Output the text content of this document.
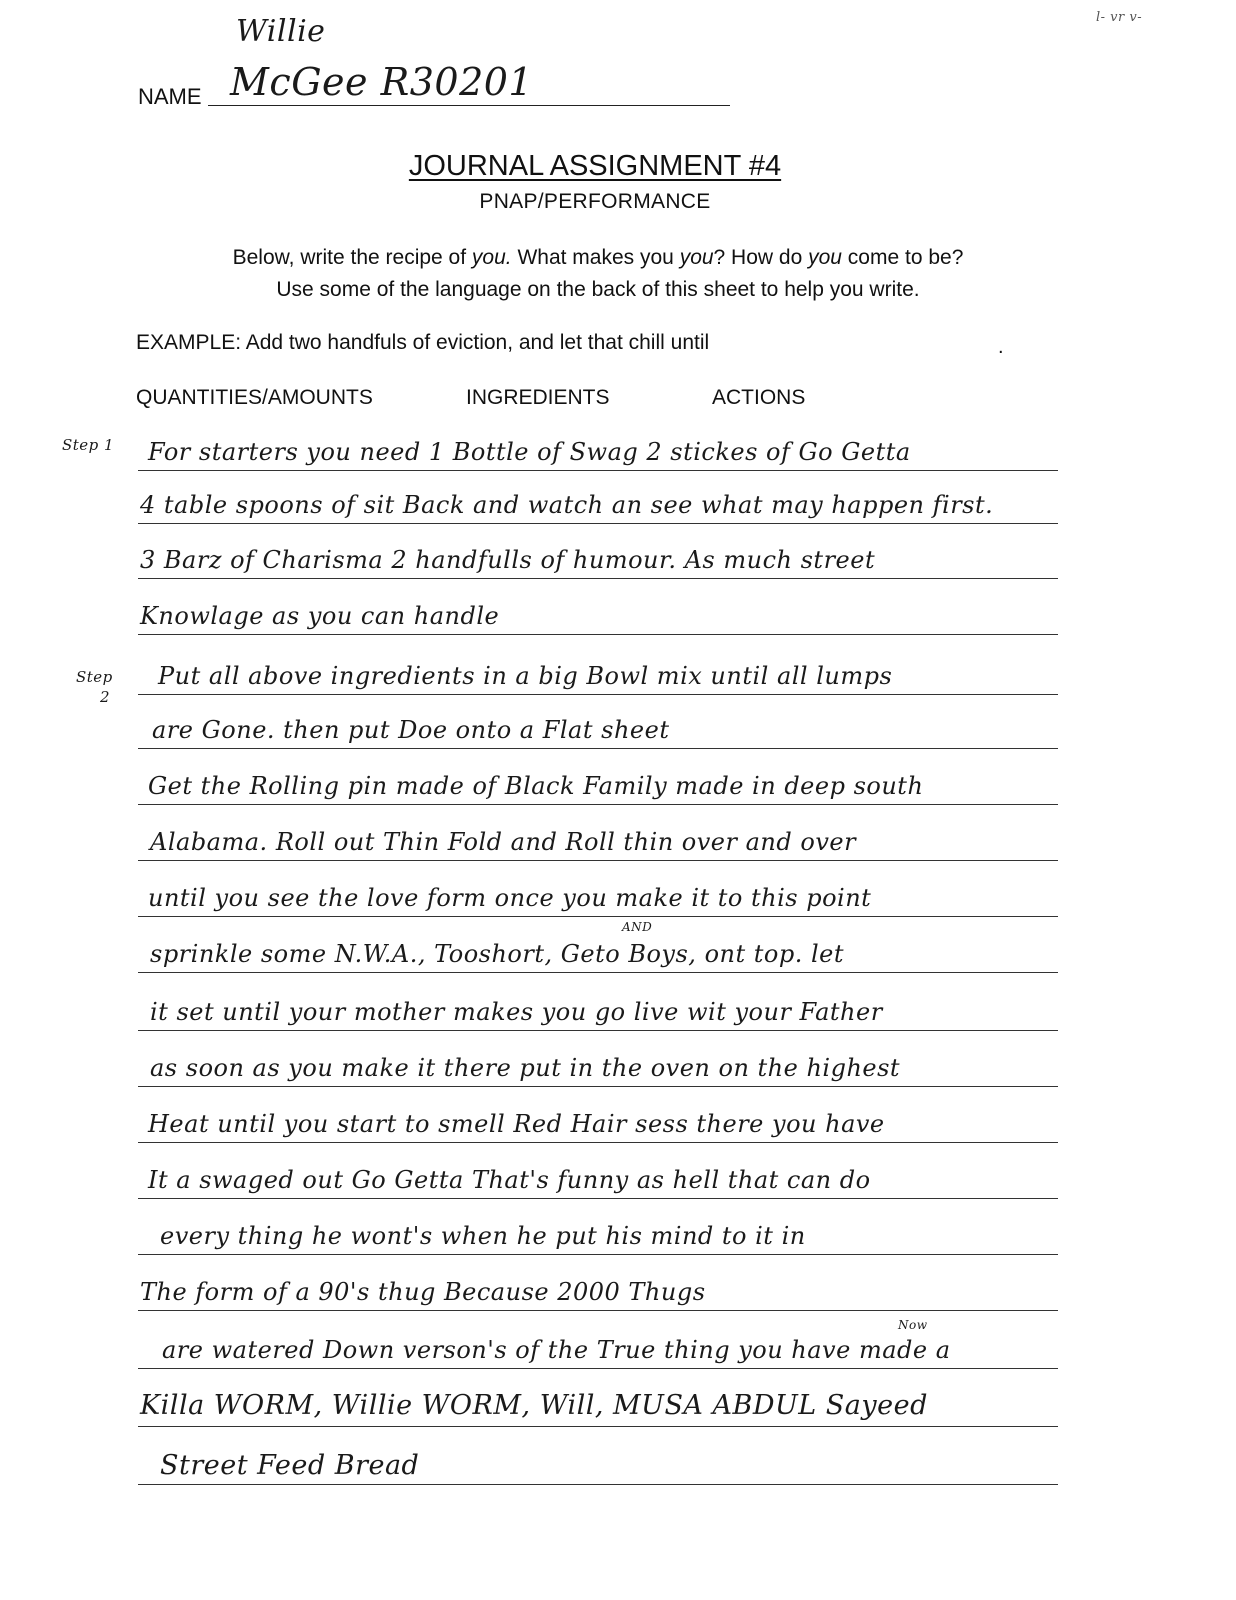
Willie
NAME McGee R30201
l- vr v-
JOURNAL ASSIGNMENT #4
PNAP/PERFORMANCE
Below, write the recipe of you. What makes you you? How do you come to be?
Use some of the language on the back of this sheet to help you write.
EXAMPLE: Add two handfuls of eviction, and let that chill until	.
QUANTITIES/AMOUNTS	INGREDIENTS	ACTIONS
Step 1
Step
2
For starters you need 1 Bottle of Swag 2 stickes of Go Getta
4 table spoons of sit Back and watch an see what may happen first.
3 Barz of Charisma 2 handfulls of humour. As much street
Knowlage as you can handle
Put all above ingredients in a big Bowl mix until all lumps
are Gone. then put Doe onto a Flat sheet
Get the Rolling pin made of Black Family made in deep south
Alabama. Roll out Thin Fold and Roll thin over and over
until you see the love form once you make it to this point
sprinkle some N.W.A., Tooshort, Geto Boys, ont top. let
AND
it set until your mother makes you go live wit your Father
as soon as you make it there put in the oven on the highest
Heat until you start to smell Red Hair sess there you have
It a swaged out Go Getta That's funny as hell that can do
every thing he wont's when he put his mind to it in
The form of a 90's thug Because 2000 Thugs
are watered Down verson's of the True thing you have made a
Now
Killa WORM, Willie WORM, Will, MUSA ABDUL Sayeed
Street Feed Bread
